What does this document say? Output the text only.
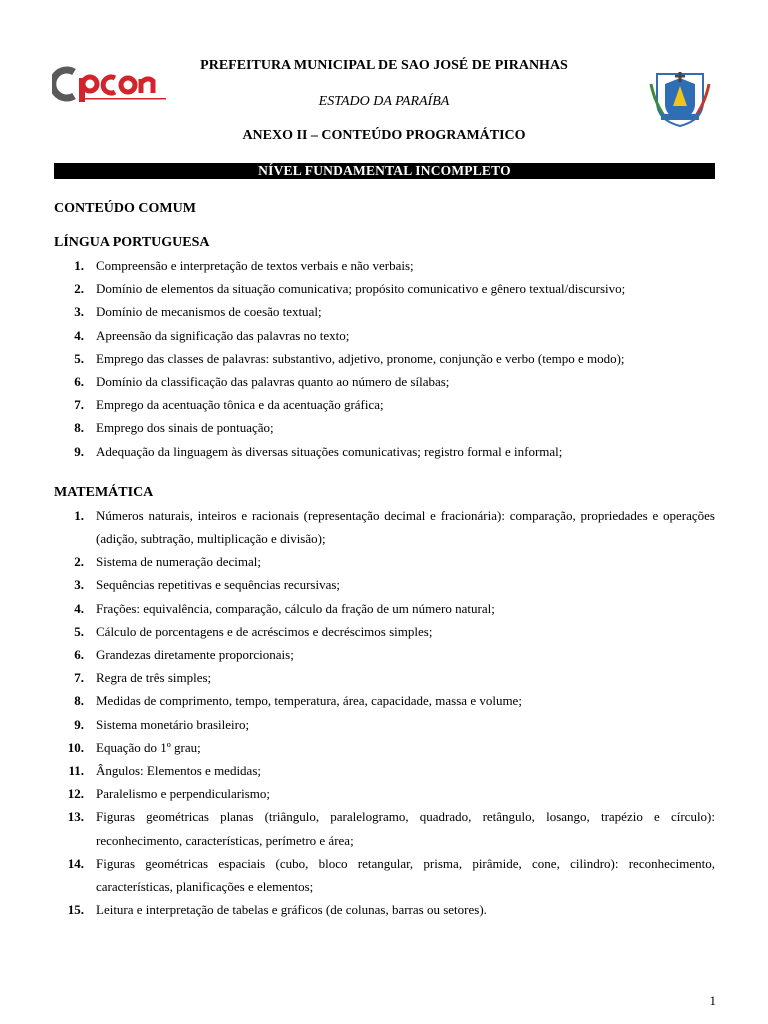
PREFEITURA MUNICIPAL DE SAO JOSÉ DE PIRANHAS
ESTADO DA PARAÍBA
ANEXO II – CONTEÚDO PROGRAMÁTICO
NÍVEL FUNDAMENTAL INCOMPLETO
CONTEÚDO COMUM
LÍNGUA PORTUGUESA
1. Compreensão e interpretação de textos verbais e não verbais;
2. Domínio de elementos da situação comunicativa; propósito comunicativo e gênero textual/discursivo;
3. Domínio de mecanismos de coesão textual;
4. Apreensão da significação das palavras no texto;
5. Emprego das classes de palavras: substantivo, adjetivo, pronome, conjunção e verbo (tempo e modo);
6. Domínio da classificação das palavras quanto ao número de sílabas;
7. Emprego da acentuação tônica e da acentuação gráfica;
8. Emprego dos sinais de pontuação;
9. Adequação da linguagem às diversas situações comunicativas; registro formal e informal;
MATEMÁTICA
1. Números naturais, inteiros e racionais (representação decimal e fracionária): comparação, propriedades e operações (adição, subtração, multiplicação e divisão);
2. Sistema de numeração decimal;
3. Sequências repetitivas e sequências recursivas;
4. Frações: equivalência, comparação, cálculo da fração de um número natural;
5. Cálculo de porcentagens e de acréscimos e decréscimos simples;
6. Grandezas diretamente proporcionais;
7. Regra de três simples;
8. Medidas de comprimento, tempo, temperatura, área, capacidade, massa e volume;
9. Sistema monetário brasileiro;
10. Equação do 1º grau;
11. Ângulos: Elementos e medidas;
12. Paralelismo e perpendicularismo;
13. Figuras geométricas planas (triângulo, paralelogramo, quadrado, retângulo, losango, trapézio e círculo): reconhecimento, características, perímetro e área;
14. Figuras geométricas espaciais (cubo, bloco retangular, prisma, pirâmide, cone, cilindro): reconhecimento, características, planificações e elementos;
15. Leitura e interpretação de tabelas e gráficos (de colunas, barras ou setores).
1
